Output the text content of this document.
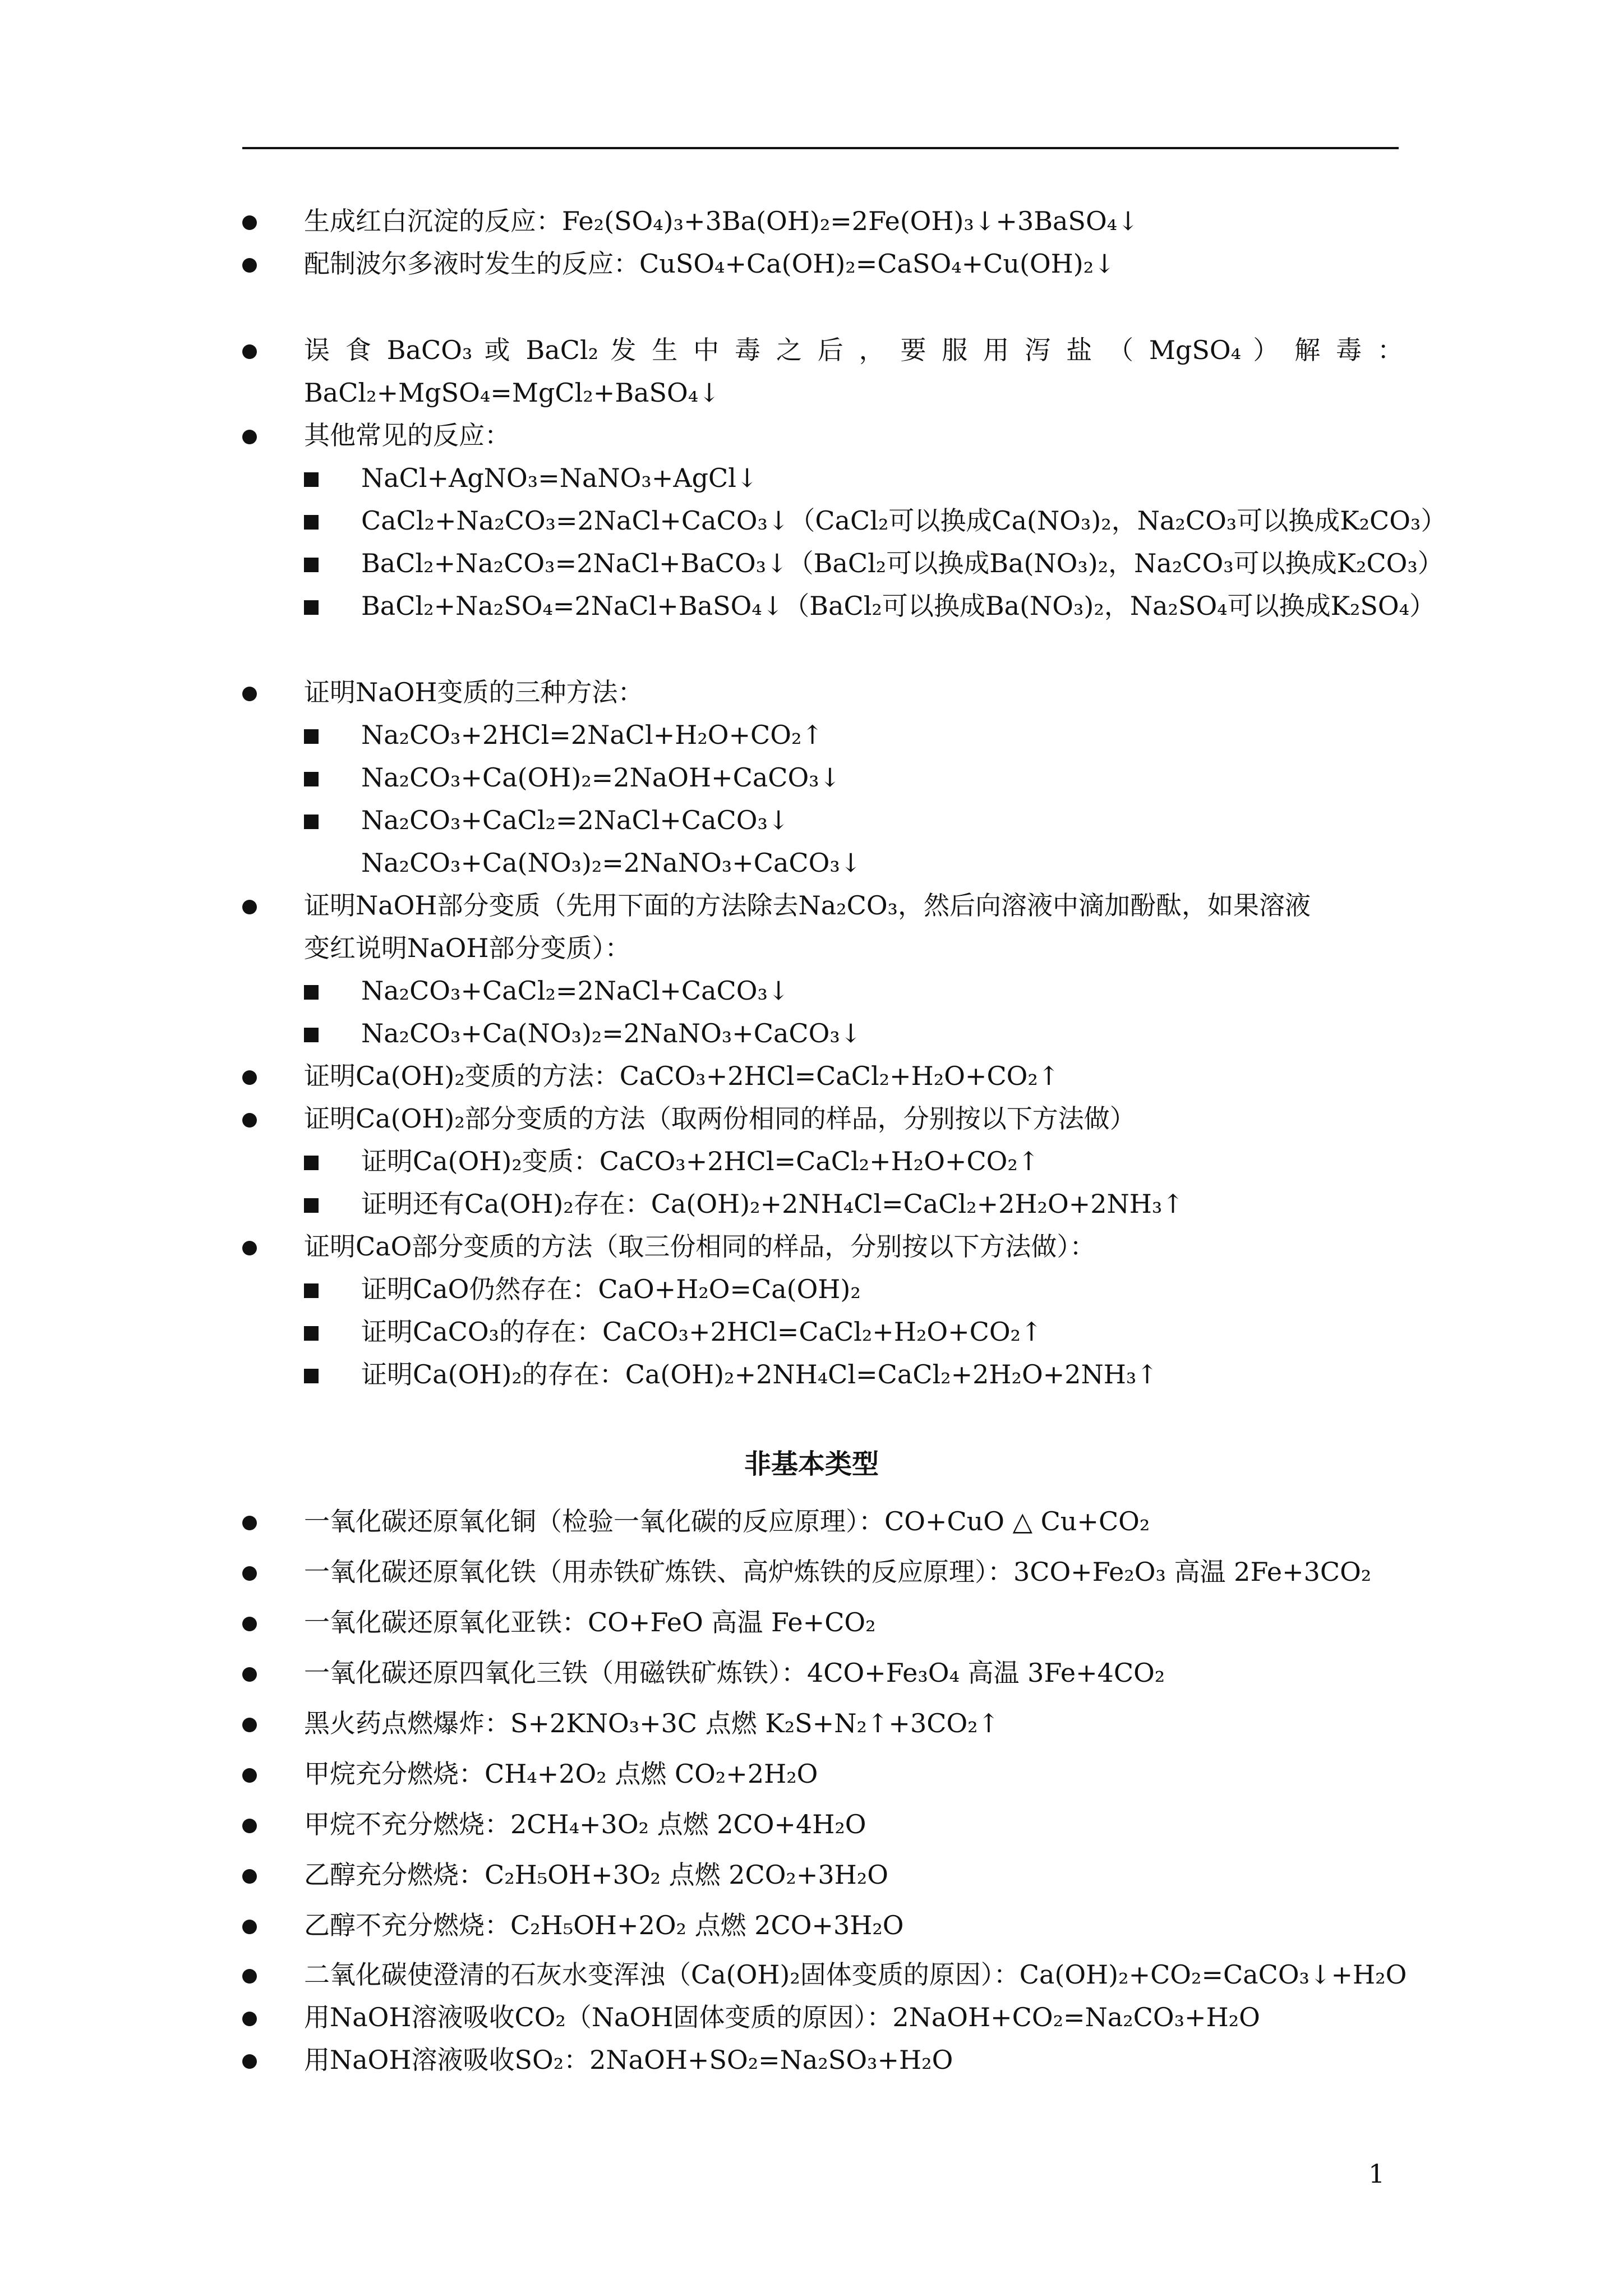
生成红白沉淀的反应：Fe₂(SO₄)₃+3Ba(OH)₂=2Fe(OH)₃↓+3BaSO₄↓
配制波尔多液时发生的反应：CuSO₄+Ca(OH)₂=CaSO₄+Cu(OH)₂↓
误 食 BaCO₃ 或 BaCl₂ 发 生 中 毒 之 后 ， 要 服 用 泻 盐 （ MgSO₄ ） 解 毒 ：
BaCl₂+MgSO₄=MgCl₂+BaSO₄↓
其他常见的反应：
NaCl+AgNO₃=NaNO₃+AgCl↓
CaCl₂+Na₂CO₃=2NaCl+CaCO₃↓（CaCl₂可以换成Ca(NO₃)₂，Na₂CO₃可以换成K₂CO₃）
BaCl₂+Na₂CO₃=2NaCl+BaCO₃↓（BaCl₂可以换成Ba(NO₃)₂，Na₂CO₃可以换成K₂CO₃）
BaCl₂+Na₂SO₄=2NaCl+BaSO₄↓（BaCl₂可以换成Ba(NO₃)₂，Na₂SO₄可以换成K₂SO₄）
证明NaOH变质的三种方法：
Na₂CO₃+2HCl=2NaCl+H₂O+CO₂↑
Na₂CO₃+Ca(OH)₂=2NaOH+CaCO₃↓
Na₂CO₃+CaCl₂=2NaCl+CaCO₃↓
Na₂CO₃+Ca(NO₃)₂=2NaNO₃+CaCO₃↓
证明NaOH部分变质（先用下面的方法除去Na₂CO₃，然后向溶液中滴加酚酞，如果溶液
变红说明NaOH部分变质）：
Na₂CO₃+CaCl₂=2NaCl+CaCO₃↓
Na₂CO₃+Ca(NO₃)₂=2NaNO₃+CaCO₃↓
证明Ca(OH)₂变质的方法：CaCO₃+2HCl=CaCl₂+H₂O+CO₂↑
证明Ca(OH)₂部分变质的方法（取两份相同的样品，分别按以下方法做）
证明Ca(OH)₂变质：CaCO₃+2HCl=CaCl₂+H₂O+CO₂↑
证明还有Ca(OH)₂存在：Ca(OH)₂+2NH₄Cl=CaCl₂+2H₂O+2NH₃↑
证明CaO部分变质的方法（取三份相同的样品，分别按以下方法做）：
证明CaO仍然存在：CaO+H₂O=Ca(OH)₂
证明CaCO₃的存在：CaCO₃+2HCl=CaCl₂+H₂O+CO₂↑
证明Ca(OH)₂的存在：Ca(OH)₂+2NH₄Cl=CaCl₂+2H₂O+2NH₃↑
非基本类型
一氧化碳还原氧化铜（检验一氧化碳的反应原理）：CO+CuO △ Cu+CO₂
一氧化碳还原氧化铁（用赤铁矿炼铁、高炉炼铁的反应原理）：3CO+Fe₂O₃ 高温 2Fe+3CO₂
一氧化碳还原氧化亚铁：CO+FeO 高温 Fe+CO₂
一氧化碳还原四氧化三铁（用磁铁矿炼铁）：4CO+Fe₃O₄ 高温 3Fe+4CO₂
黑火药点燃爆炸：S+2KNO₃+3C 点燃 K₂S+N₂↑+3CO₂↑
甲烷充分燃烧：CH₄+2O₂ 点燃 CO₂+2H₂O
甲烷不充分燃烧：2CH₄+3O₂ 点燃 2CO+4H₂O
乙醇充分燃烧：C₂H₅OH+3O₂ 点燃 2CO₂+3H₂O
乙醇不充分燃烧：C₂H₅OH+2O₂ 点燃 2CO+3H₂O
二氧化碳使澄清的石灰水变浑浊（Ca(OH)₂固体变质的原因）：Ca(OH)₂+CO₂=CaCO₃↓+H₂O
用NaOH溶液吸收CO₂（NaOH固体变质的原因）：2NaOH+CO₂=Na₂CO₃+H₂O
用NaOH溶液吸收SO₂：2NaOH+SO₂=Na₂SO₃+H₂O
1
